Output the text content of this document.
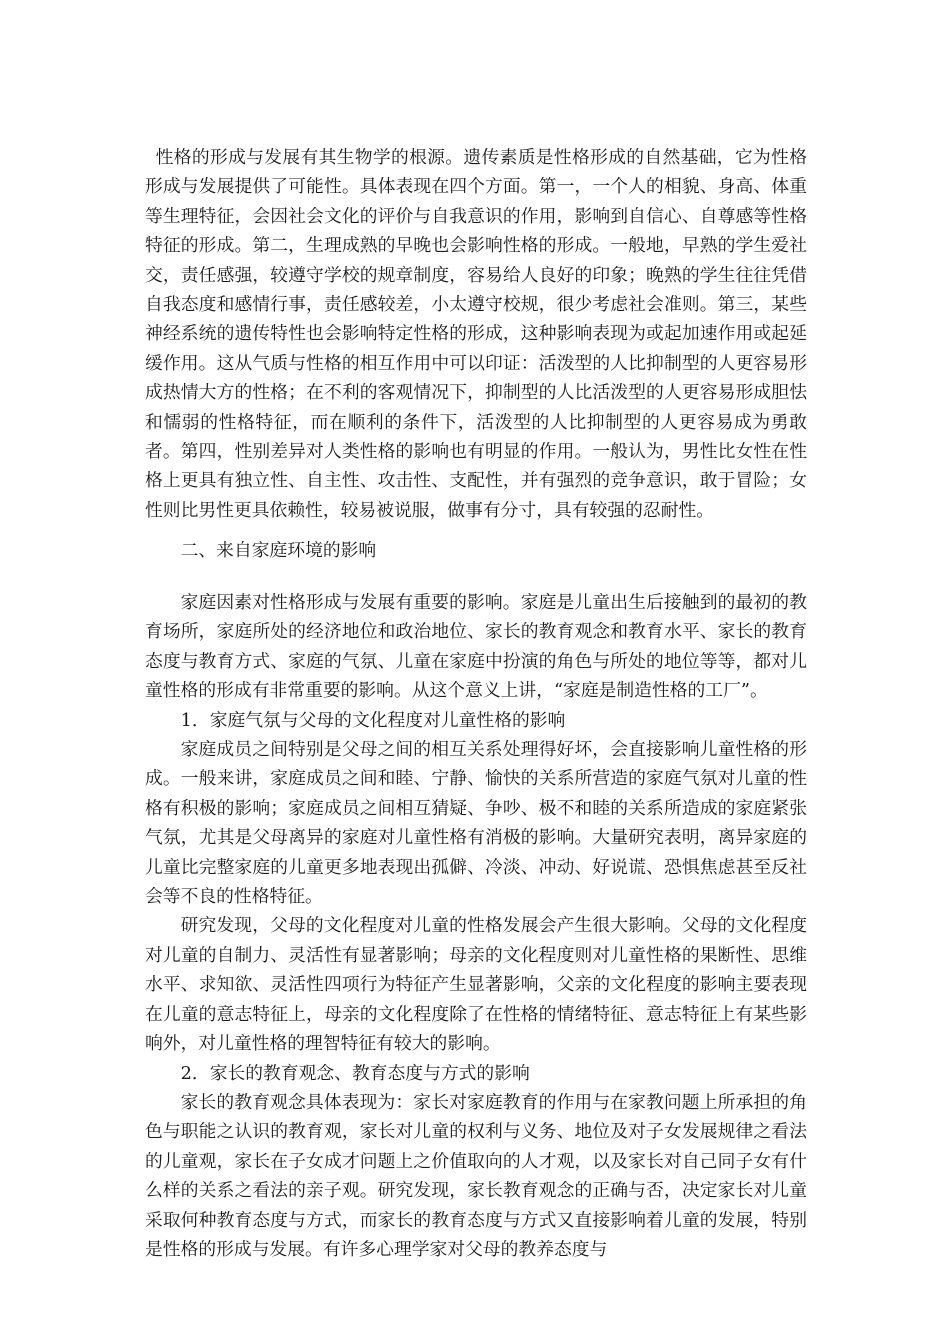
性格的形成与发展有其生物学的根源。遗传素质是性格形成的自然基础，它为性格形成与发展提供了可能性。具体表现在四个方面。第一，一个人的相貌、身高、体重等生理特征，会因社会文化的评价与自我意识的作用，影响到自信心、自尊感等性格特征的形成。第二，生理成熟的早晚也会影响性格的形成。一般地，早熟的学生爱社交，责任感强，较遵守学校的规章制度，容易给人良好的印象；晚熟的学生往往凭借自我态度和感情行事，责任感较差，小太遵守校规，很少考虑社会准则。第三，某些神经系统的遗传特性也会影响特定性格的形成，这种影响表现为或起加速作用或起延缓作用。这从气质与性格的相互作用中可以印证：活泼型的人比抑制型的人更容易形成热情大方的性格；在不利的客观情况下，抑制型的人比活泼型的人更容易形成胆怯和懦弱的性格特征，而在顺利的条件下，活泼型的人比抑制型的人更容易成为勇敢者。第四，性别差异对人类性格的影响也有明显的作用。一般认为，男性比女性在性格上更具有独立性、自主性、攻击性、支配性，并有强烈的竞争意识，敢于冒险；女性则比男性更具依赖性，较易被说服，做事有分寸，具有较强的忍耐性。

二、来自家庭环境的影响

家庭因素对性格形成与发展有重要的影响。家庭是儿童出生后接触到的最初的教育场所，家庭所处的经济地位和政治地位、家长的教育观念和教育水平、家长的教育态度与教育方式、家庭的气氛、儿童在家庭中扮演的角色与所处的地位等等，都对儿童性格的形成有非常重要的影响。从这个意义上讲，“家庭是制造性格的工厂”。

1．家庭气氛与父母的文化程度对儿童性格的影响

家庭成员之间特别是父母之间的相互关系处理得好坏，会直接影响儿童性格的形成。一般来讲，家庭成员之间和睦、宁静、愉快的关系所营造的家庭气氛对儿童的性格有积极的影响；家庭成员之间相互猜疑、争吵、极不和睦的关系所造成的家庭紧张气氛，尤其是父母离异的家庭对儿童性格有消极的影响。大量研究表明，离异家庭的儿童比完整家庭的儿童更多地表现出孤僻、冷淡、冲动、好说谎、恐惧焦虑甚至反社会等不良的性格特征。

研究发现，父母的文化程度对儿童的性格发展会产生很大影响。父母的文化程度对儿童的自制力、灵活性有显著影响；母亲的文化程度则对儿童性格的果断性、思维水平、求知欲、灵活性四项行为特征产生显著影响，父亲的文化程度的影响主要表现在儿童的意志特征上，母亲的文化程度除了在性格的情绪特征、意志特征上有某些影响外，对儿童性格的理智特征有较大的影响。

2．家长的教育观念、教育态度与方式的影响

家长的教育观念具体表现为：家长对家庭教育的作用与在家教问题上所承担的角色与职能之认识的教育观，家长对儿童的权利与义务、地位及对子女发展规律之看法的儿童观，家长在子女成才问题上之价值取向的人才观，以及家长对自己同子女有什么样的关系之看法的亲子观。研究发现，家长教育观念的正确与否，决定家长对儿童采取何种教育态度与方式，而家长的教育态度与方式又直接影响着儿童的发展，特别是性格的形成与发展。有许多心理学家对父母的教养态度与
